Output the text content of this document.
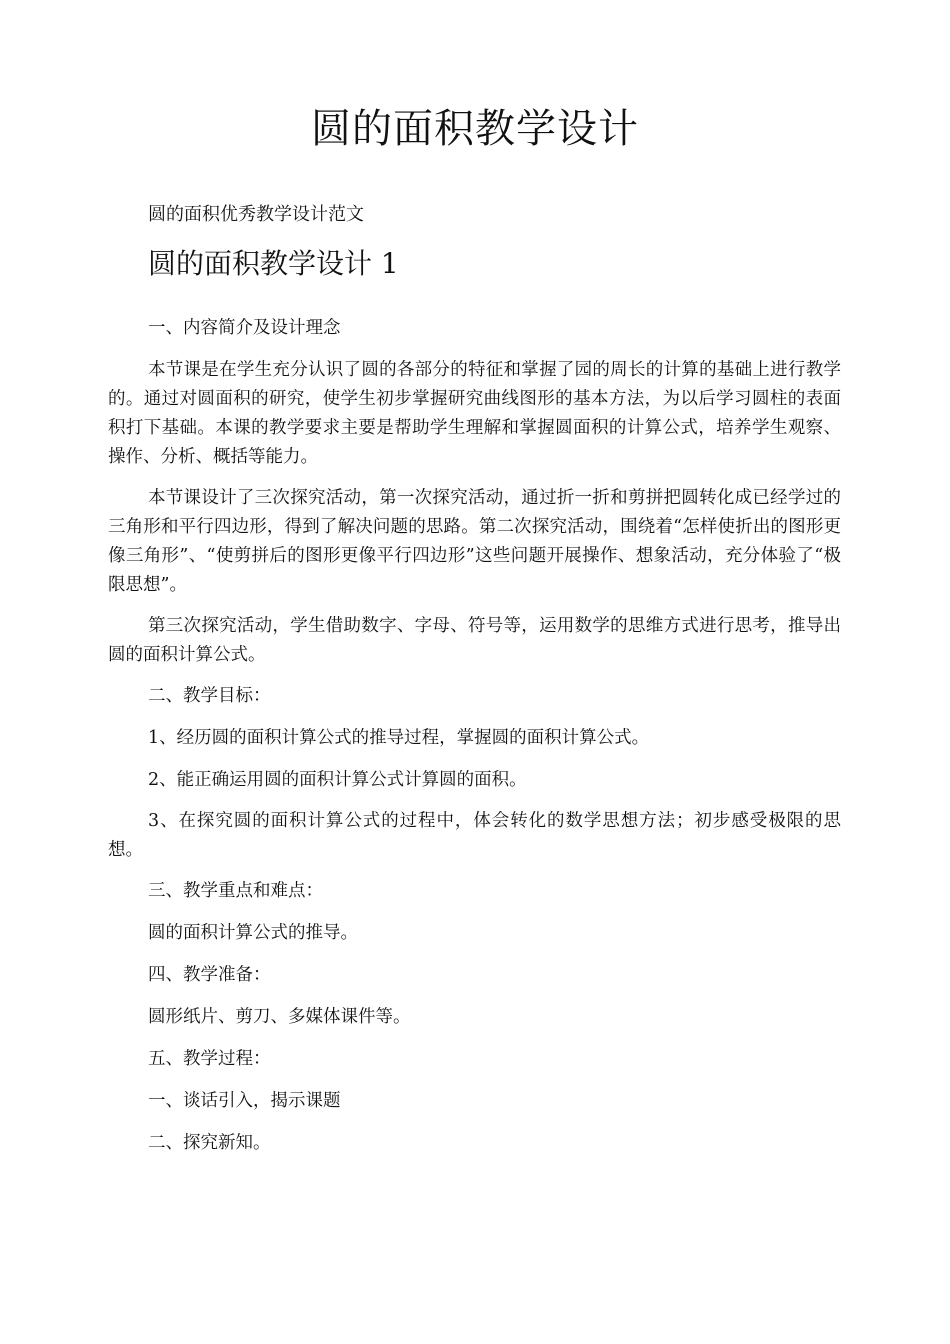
圆的面积教学设计

圆的面积优秀教学设计范文

圆的面积教学设计 1

一、内容简介及设计理念

本节课是在学生充分认识了圆的各部分的特征和掌握了园的周长的计算的基础上进行教学的。通过对圆面积的研究，使学生初步掌握研究曲线图形的基本方法，为以后学习圆柱的表面积打下基础。本课的教学要求主要是帮助学生理解和掌握圆面积的计算公式，培养学生观察、操作、分析、概括等能力。

本节课设计了三次探究活动，第一次探究活动，通过折一折和剪拼把圆转化成已经学过的三角形和平行四边形，得到了解决问题的思路。第二次探究活动，围绕着“怎样使折出的图形更像三角形”、“使剪拼后的图形更像平行四边形”这些问题开展操作、想象活动，充分体验了“极限思想”。

第三次探究活动，学生借助数字、字母、符号等，运用数学的思维方式进行思考，推导出圆的面积计算公式。

二、教学目标：

1、经历圆的面积计算公式的推导过程，掌握圆的面积计算公式。

2、能正确运用圆的面积计算公式计算圆的面积。

3、在探究圆的面积计算公式的过程中，体会转化的数学思想方法；初步感受极限的思想。

三、教学重点和难点：

圆的面积计算公式的推导。

四、教学准备：

圆形纸片、剪刀、多媒体课件等。

五、教学过程：

一、谈话引入，揭示课题

二、探究新知。
